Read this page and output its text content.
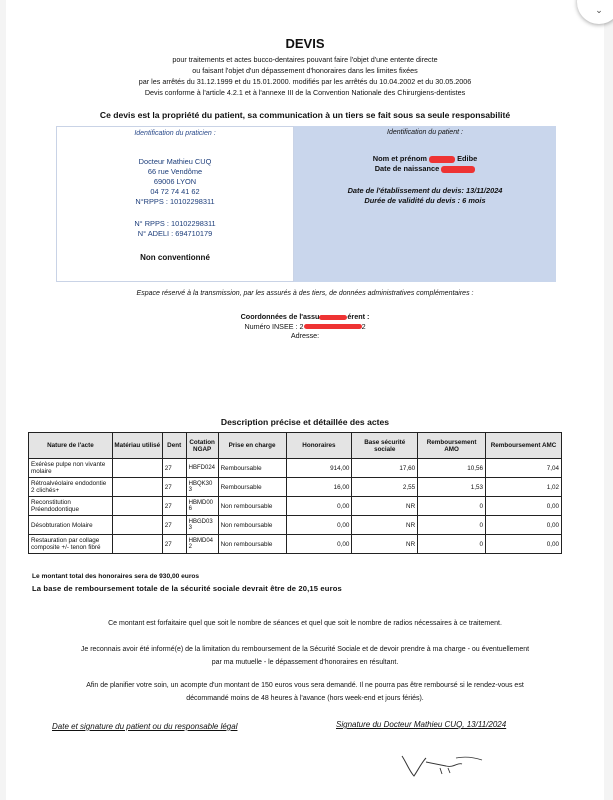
DEVIS
pour traitements et actes bucco-dentaires pouvant faire l'objet d'une entente directe
ou faisant l'objet d'un dépassement d'honoraires dans les limites fixées
par les arrêtés du 31.12.1999 et du 15.01.2000. modifiés par les arrêtés du 10.04.2002 et du 30.05.2006
Devis conforme à l'article 4.2.1 et à l'annexe III de la Convention Nationale des Chirurgiens-dentistes
Ce devis est la propriété du patient, sa communication à un tiers se fait sous sa seule responsabilité
Identification du praticien :
Docteur Mathieu CUQ
66 rue Vendôme
69006 LYON
04 72 74 41 62
N°RPPS : 10102298311
N° RPPS : 10102298311
N° ADELI : 694710179
Non conventionné
Identification du patient :
Nom et prénom	Edibe
Date de naissance
Date de l'établissement du devis: 13/11/2024
Durée de validité du devis : 6 mois
Espace réservé à la transmission, par les assurés à des tiers, de données administratives complémentaires :
Coordonnées de l'assu	érent :
Numéro INSEE : 2	2
Adresse:
Description précise et détaillée des actes
Nature de l'acte	Matériau utilisé	Dent	Cotation NGAP	Prise en charge	Honoraires	Base sécurité sociale	Remboursement AMO	Remboursement AMC
Exérèse pulpe non vivante molaire		27	HBFD024	Remboursable	914,00	17,60	10,56	7,04
Rétroalvéolaire endodontie 2 clichés+		27	HBQK303	Remboursable	16,00	2,55	1,53	1,02
Reconstitution Préendodontique		27	HBMD006	Non remboursable	0,00	NR	0	0,00
Désobturation Molaire		27	HBGD033	Non remboursable	0,00	NR	0	0,00
Restauration par collage composite +/- tenon fibré		27	HBMD042	Non remboursable	0,00	NR	0	0,00
Le montant total des honoraires sera de 930,00 euros
La base de remboursement totale de la sécurité sociale devrait être de 20,15 euros
Ce montant est forfaitaire quel que soit le nombre de séances et quel que soit le nombre de radios nécessaires à ce traitement.
Je reconnais avoir été informé(e) de la limitation du remboursement de la Sécurité Sociale et de devoir prendre à ma charge - ou éventuellement
par ma mutuelle - le dépassement d'honoraires en résultant.
Afin de planifier votre soin, un acompte d'un montant de 150 euros vous sera demandé. Il ne pourra pas être remboursé si le rendez-vous est
décommandé moins de 48 heures à l'avance (hors week-end et jours fériés).
Date et signature du patient ou du responsable légal	Signature du Docteur Mathieu CUQ, 13/11/2024
⌄
